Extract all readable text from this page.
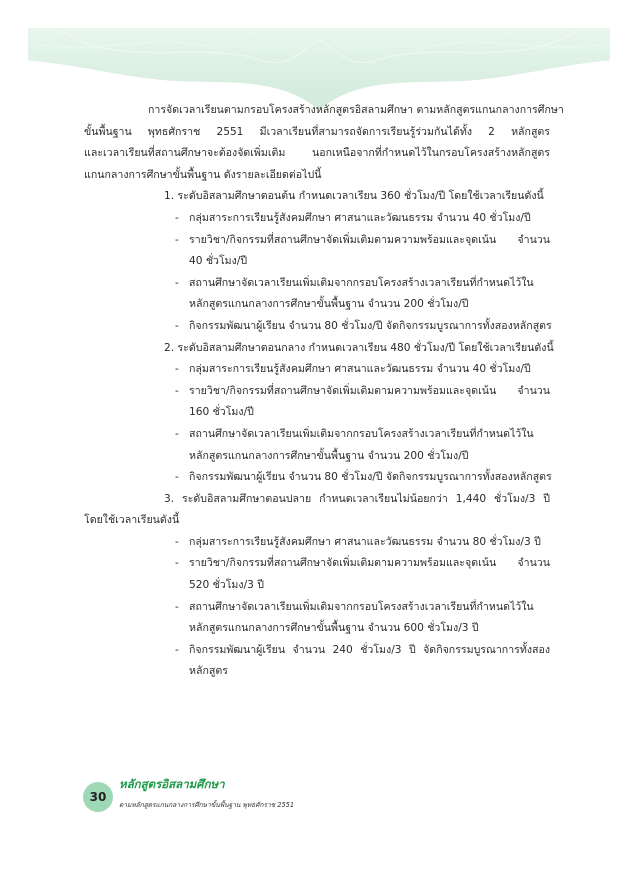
การจัดเวลาเรียนตามกรอบโครงสร้างหลักสูตรอิสลามศึกษา ตามหลักสูตรแกนกลางการศึกษา
ขั้นพื้นฐาน พุทธศักราช 2551 มีเวลาเรียนที่สามารถจัดการเรียนรู้ร่วมกันได้ทั้ง 2 หลักสูตร
และเวลาเรียนที่สถานศึกษาจะต้องจัดเพิ่มเติม นอกเหนือจากที่กำหนดไว้ในกรอบโครงสร้างหลักสูตร
แกนกลางการศึกษาขั้นพื้นฐาน ดังรายละเอียดต่อไปนี้
1. ระดับอิสลามศึกษาตอนต้น กำหนดเวลาเรียน 360 ชั่วโมง/ปี โดยใช้เวลาเรียนดังนี้
- กลุ่มสาระการเรียนรู้สังคมศึกษา ศาสนาและวัฒนธรรม จำนวน 40 ชั่วโมง/ปี
- รายวิชา/กิจกรรมที่สถานศึกษาจัดเพิ่มเติมตามความพร้อมและจุดเน้น จำนวน
40 ชั่วโมง/ปี
- สถานศึกษาจัดเวลาเรียนเพิ่มเติมจากกรอบโครงสร้างเวลาเรียนที่กำหนดไว้ใน
หลักสูตรแกนกลางการศึกษาขั้นพื้นฐาน จำนวน 200 ชั่วโมง/ปี
- กิจกรรมพัฒนาผู้เรียน จำนวน 80 ชั่วโมง/ปี จัดกิจกรรมบูรณาการทั้งสองหลักสูตร
2. ระดับอิสลามศึกษาตอนกลาง กำหนดเวลาเรียน 480 ชั่วโมง/ปี โดยใช้เวลาเรียนดังนี้
- กลุ่มสาระการเรียนรู้สังคมศึกษา ศาสนาและวัฒนธรรม จำนวน 40 ชั่วโมง/ปี
- รายวิชา/กิจกรรมที่สถานศึกษาจัดเพิ่มเติมตามความพร้อมและจุดเน้น จำนวน
160 ชั่วโมง/ปี
- สถานศึกษาจัดเวลาเรียนเพิ่มเติมจากกรอบโครงสร้างเวลาเรียนที่กำหนดไว้ใน
หลักสูตรแกนกลางการศึกษาขั้นพื้นฐาน จำนวน 200 ชั่วโมง/ปี
- กิจกรรมพัฒนาผู้เรียน จำนวน 80 ชั่วโมง/ปี จัดกิจกรรมบูรณาการทั้งสองหลักสูตร
3. ระดับอิสลามศึกษาตอนปลาย กำหนดเวลาเรียนไม่น้อยกว่า 1,440 ชั่วโมง/3 ปี
โดยใช้เวลาเรียนดังนี้
- กลุ่มสาระการเรียนรู้สังคมศึกษา ศาสนาและวัฒนธรรม จำนวน 80 ชั่วโมง/3 ปี
- รายวิชา/กิจกรรมที่สถานศึกษาจัดเพิ่มเติมตามความพร้อมและจุดเน้น จำนวน
520 ชั่วโมง/3 ปี
- สถานศึกษาจัดเวลาเรียนเพิ่มเติมจากกรอบโครงสร้างเวลาเรียนที่กำหนดไว้ใน
หลักสูตรแกนกลางการศึกษาขั้นพื้นฐาน จำนวน 600 ชั่วโมง/3 ปี
- กิจกรรมพัฒนาผู้เรียน จำนวน 240 ชั่วโมง/3 ปี จัดกิจกรรมบูรณาการทั้งสอง
หลักสูตร
30
หลักสูตรอิสลามศึกษา
ตามหลักสูตรแกนกลางการศึกษาขั้นพื้นฐาน พุทธศักราช 2551
